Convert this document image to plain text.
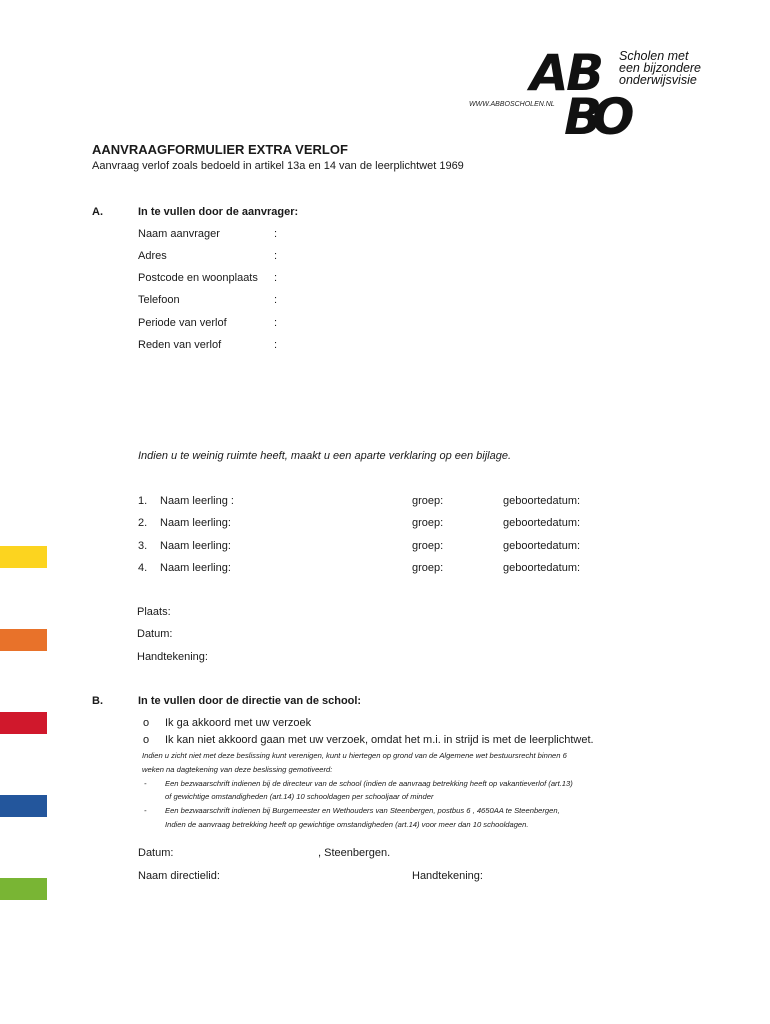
A
B
B
O
Scholen met
een bijzondere
onderwijsvisie
WWW.ABBOSCHOLEN.NL
AANVRAAGFORMULIER EXTRA VERLOF
Aanvraag verlof zoals bedoeld in artikel 13a en 14 van de leerplichtwet 1969
A.	In te vullen door de aanvrager:
Naam aanvrager	:
Adres	:
Postcode en woonplaats :
Telefoon	:
Periode van verlof	:
Reden van verlof	:
Indien u te weinig ruimte heeft, maakt u een aparte verklaring op een bijlage.
1. Naam leerling :	groep:	geboortedatum:
2. Naam leerling:	groep:	geboortedatum:
3. Naam leerling:	groep:	geboortedatum:
4. Naam leerling:	groep:	geboortedatum:
Plaats:
Datum:
Handtekening:
B.	In te vullen door de directie van de school:
o Ik ga akkoord met uw verzoek
o Ik kan niet akkoord gaan met uw verzoek, omdat het m.i. in strijd is met de leerplichtwet.
Indien u zicht niet met deze beslissing kunt verenigen, kunt u hiertegen op grond van de Algemene wet bestuursrecht binnen 6
weken na dagtekening van deze beslissing gemotiveerd:
- Een bezwaarschrift indienen bij de directeur van de school (indien de aanvraag betrekking heeft op vakantieverlof (art.13)
of gewichtige omstandigheden (art.14) 10 schooldagen per schooljaar of minder
- Een bezwaarschrift indienen bij Burgemeester en Wethouders van Steenbergen, postbus 6 , 4650AA te Steenbergen,
Indien de aanvraag betrekking heeft op gewichtige omstandigheden (art.14) voor meer dan 10 schooldagen.
Datum:	, Steenbergen.
Naam directielid:	Handtekening:
